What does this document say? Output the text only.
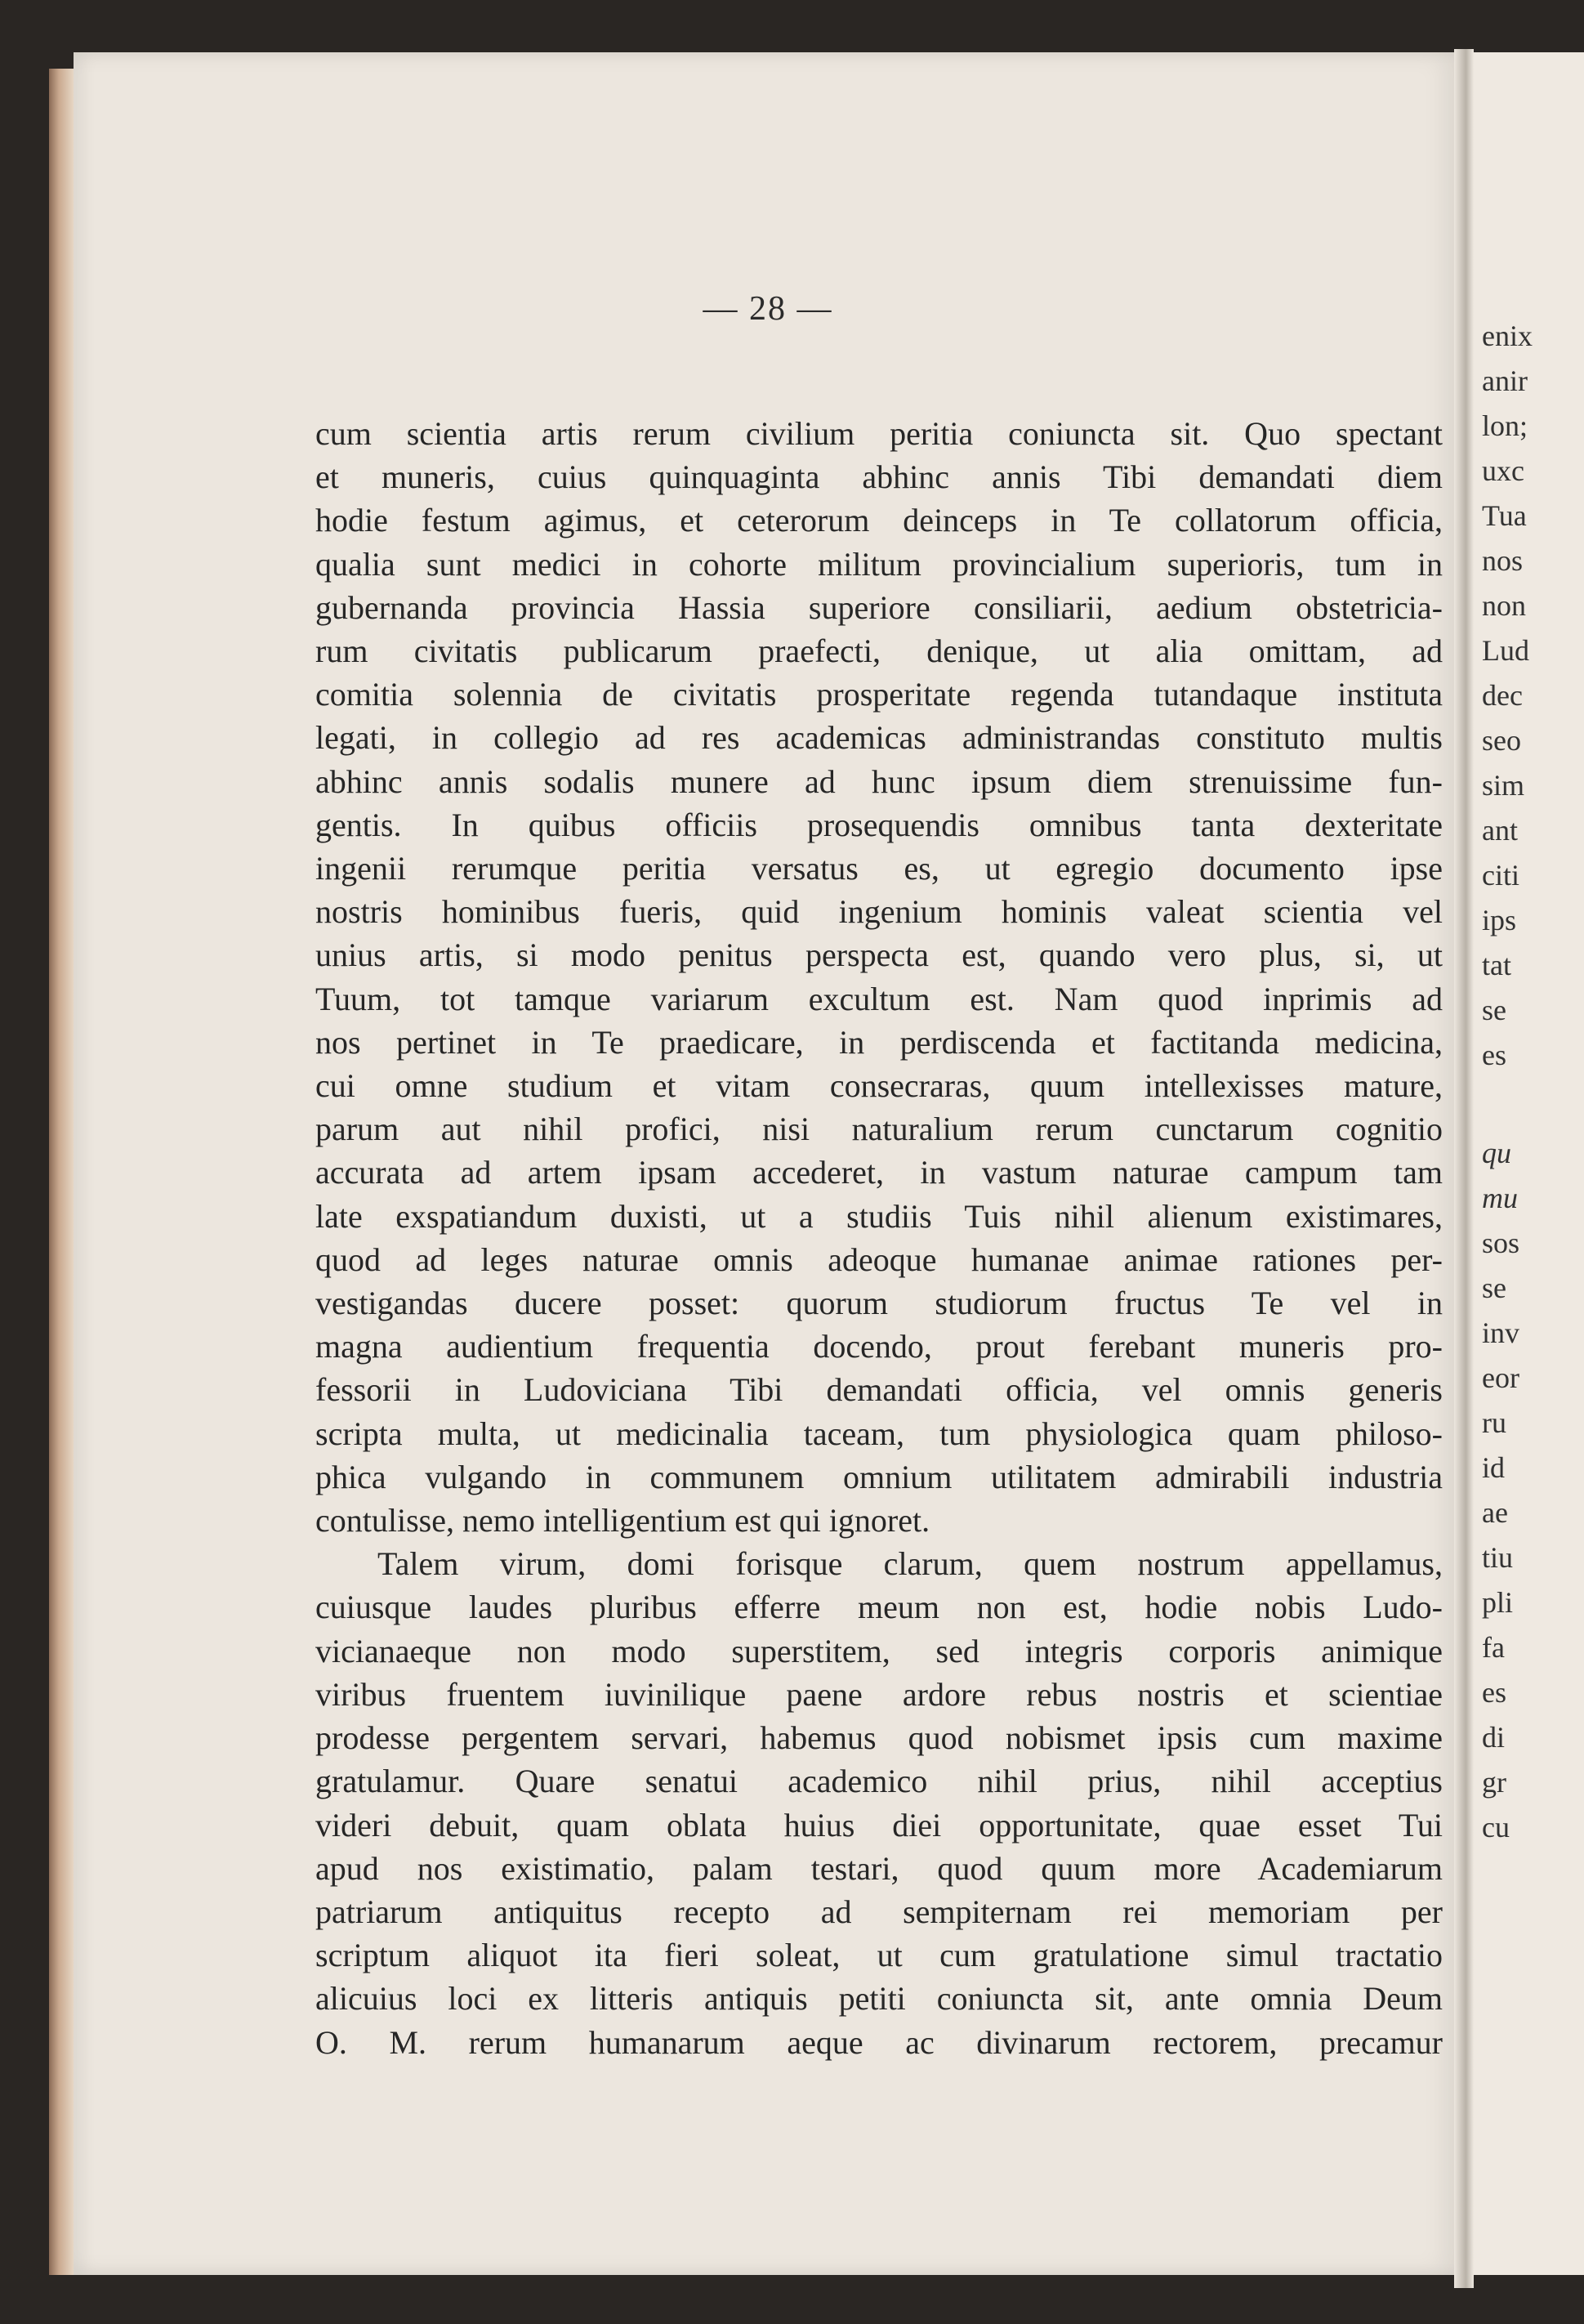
— 28 —
cum scientia artis rerum civilium peritia coniuncta sit. Quo spectant
et muneris, cuius quinquaginta abhinc annis Tibi demandati diem
hodie festum agimus, et ceterorum deinceps in Te collatorum officia,
qualia sunt medici in cohorte militum provincialium superioris, tum in
gubernanda provincia Hassia superiore consiliarii, aedium obstetricia-
rum civitatis publicarum praefecti, denique, ut alia omittam, ad
comitia solennia de civitatis prosperitate regenda tutandaque instituta
legati, in collegio ad res academicas administrandas constituto multis
abhinc annis sodalis munere ad hunc ipsum diem strenuissime fun-
gentis. In quibus officiis prosequendis omnibus tanta dexteritate
ingenii rerumque peritia versatus es, ut egregio documento ipse
nostris hominibus fueris, quid ingenium hominis valeat scientia vel
unius artis, si modo penitus perspecta est, quando vero plus, si, ut
Tuum, tot tamque variarum excultum est. Nam quod inprimis ad
nos pertinet in Te praedicare, in perdiscenda et factitanda medicina,
cui omne studium et vitam consecraras, quum intellexisses mature,
parum aut nihil profici, nisi naturalium rerum cunctarum cognitio
accurata ad artem ipsam accederet, in vastum naturae campum tam
late exspatiandum duxisti, ut a studiis Tuis nihil alienum existimares,
quod ad leges naturae omnis adeoque humanae animae rationes per-
vestigandas ducere posset: quorum studiorum fructus Te vel in
magna audientium frequentia docendo, prout ferebant muneris pro-
fessorii in Ludoviciana Tibi demandati officia, vel omnis generis
scripta multa, ut medicinalia taceam, tum physiologica quam philoso-
phica vulgando in communem omnium utilitatem admirabili industria
contulisse, nemo intelligentium est qui ignoret.
Talem virum, domi forisque clarum, quem nostrum appellamus,
cuiusque laudes pluribus efferre meum non est, hodie nobis Ludo-
vicianaeque non modo superstitem, sed integris corporis animique
viribus fruentem iuvinilique paene ardore rebus nostris et scientiae
prodesse pergentem servari, habemus quod nobismet ipsis cum maxime
gratulamur. Quare senatui academico nihil prius, nihil acceptius
videri debuit, quam oblata huius diei opportunitate, quae esset Tui
apud nos existimatio, palam testari, quod quum more Academiarum
patriarum antiquitus recepto ad sempiternam rei memoriam per
scriptum aliquot ita fieri soleat, ut cum gratulatione simul tractatio
alicuius loci ex litteris antiquis petiti coniuncta sit, ante omnia Deum
O. M. rerum humanarum aeque ac divinarum rectorem, precamur
enix
anir
lon;
uxc
Tua
nos
non
Lud
dec
seo
sim
ant
citi
ips
tat
se
es
qu
mu
sos
se
inv
eor
ru
id
ae
tiu
pli
fa
es
di
gr
cu
